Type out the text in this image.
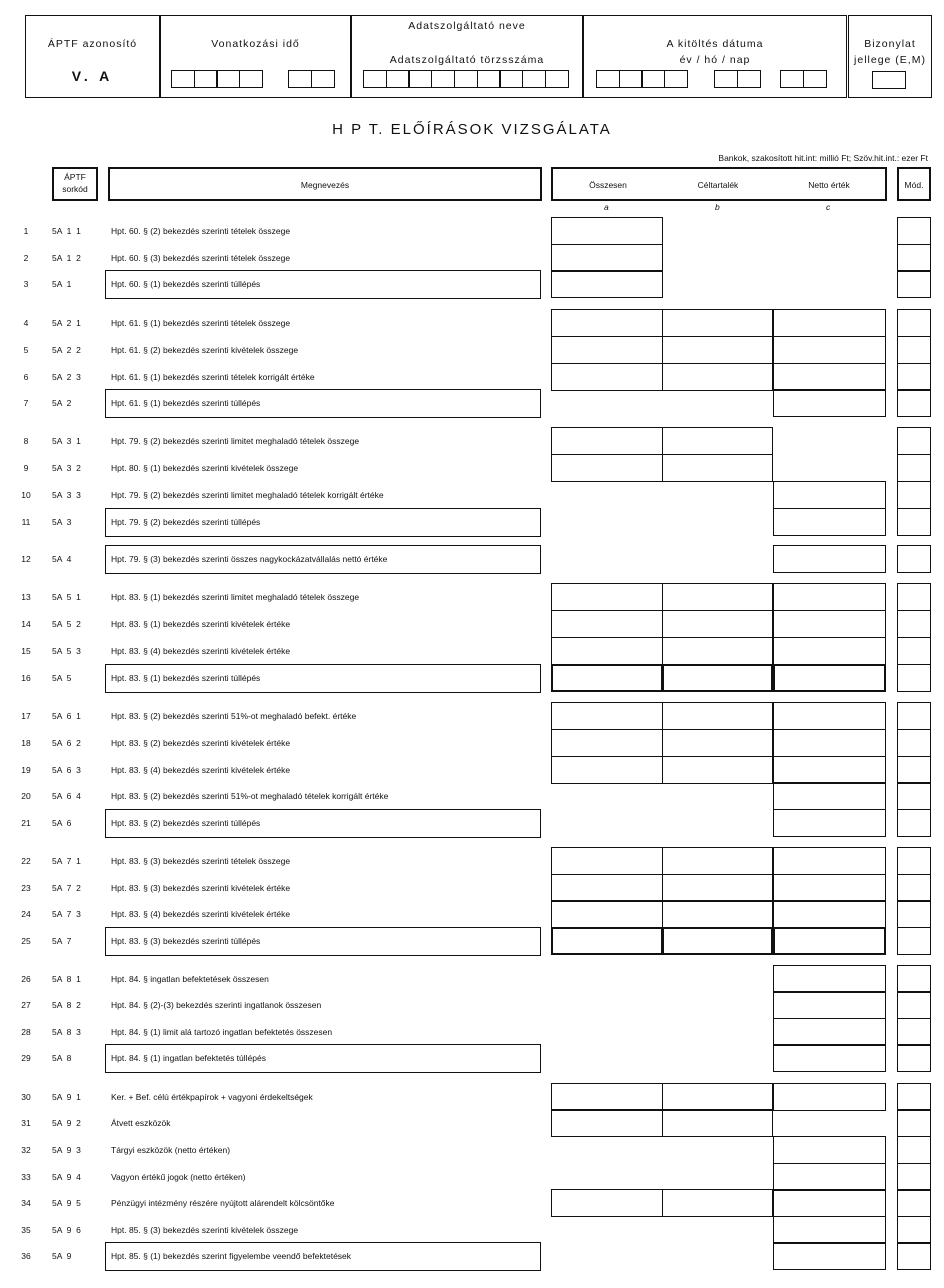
ÁPTF azonosító
V. A
Vonatkozási idő
Adatszolgáltató neve
Adatszolgáltató törzsszáma
A kitöltés dátuma
év / hó / nap
Bizonylat
jellege (E,M)
H P T. ELŐÍRÁSOK VIZSGÁLATA
Bankok, szakosított hit.int: millió Ft; Szöv.hit.int.: ezer Ft
ÁPTF
sorkód	Megnevezés	Összesen	Céltartalék	Netto érték	Mód.
a	b	c
1	5A  1  1	Hpt. 60. § (2) bekezdés szerinti tételek összege
2	5A  1  2	Hpt. 60. § (3) bekezdés szerinti tételek összege
3	5A  1	Hpt. 60. § (1) bekezdés szerinti túllépés
4	5A  2  1	Hpt. 61. § (1) bekezdés szerinti tételek összege
5	5A  2  2	Hpt. 61. § (2) bekezdés szerinti kivételek összege
6	5A  2  3	Hpt. 61. § (1) bekezdés szerinti tételek korrigált értéke
7	5A  2	Hpt. 61. § (1) bekezdés szerinti túllépés
8	5A  3  1	Hpt. 79. § (2) bekezdés szerinti limitet meghaladó tételek összege
9	5A  3  2	Hpt. 80. § (1) bekezdés szerinti kivételek összege
10	5A  3  3	Hpt. 79. § (2) bekezdés szerinti limitet meghaladó tételek korrigált értéke
11	5A  3	Hpt. 79. § (2) bekezdés szerinti túllépés
12	5A  4	Hpt. 79. § (3) bekezdés szerinti összes nagykockázatvállalás nettó értéke
13	5A  5  1	Hpt. 83. § (1) bekezdés szerinti limitet meghaladó tételek összege
14	5A  5  2	Hpt. 83. § (1) bekezdés szerinti kivételek értéke
15	5A  5  3	Hpt. 83. § (4) bekezdés szerinti kivételek értéke
16	5A  5	Hpt. 83. § (1) bekezdés szerinti túllépés
17	5A  6  1	Hpt. 83. § (2) bekezdés szerinti 51%-ot meghaladó befekt. értéke
18	5A  6  2	Hpt. 83. § (2) bekezdés szerinti kivételek értéke
19	5A  6  3	Hpt. 83. § (4) bekezdés szerinti kivételek értéke
20	5A  6  4	Hpt. 83. § (2) bekezdés szerinti 51%-ot meghaladó tételek korrigált értéke
21	5A  6	Hpt. 83. § (2) bekezdés szerinti túllépés
22	5A  7  1	Hpt. 83. § (3) bekezdés szerinti tételek összege
23	5A  7  2	Hpt. 83. § (3) bekezdés szerinti kivételek értéke
24	5A  7  3	Hpt. 83. § (4) bekezdés szerinti kivételek értéke
25	5A  7	Hpt. 83. § (3) bekezdés szerinti túllépés
26	5A  8  1	Hpt. 84. § ingatlan befektetések összesen
27	5A  8  2	Hpt. 84. § (2)-(3) bekezdés szerinti ingatlanok összesen
28	5A  8  3	Hpt. 84. § (1) limit alá tartozó ingatlan befektetés összesen
29	5A  8	Hpt. 84. § (1) ingatlan befektetés túllépés
30	5A  9  1	Ker. + Bef. célú értékpapírok + vagyoni érdekeltségek
31	5A  9  2	Átvett eszközök
32	5A  9  3	Tárgyi eszközök (netto értéken)
33	5A  9  4	Vagyon értékű jogok (netto értéken)
34	5A  9  5	Pénzügyi intézmény részére nyújtott alárendelt kölcsöntőke
35	5A  9  6	Hpt. 85. § (3) bekezdés szerinti kivételek összege
36	5A  9	Hpt. 85. § (1) bekezdés szerint figyelembe veendő befektetések
